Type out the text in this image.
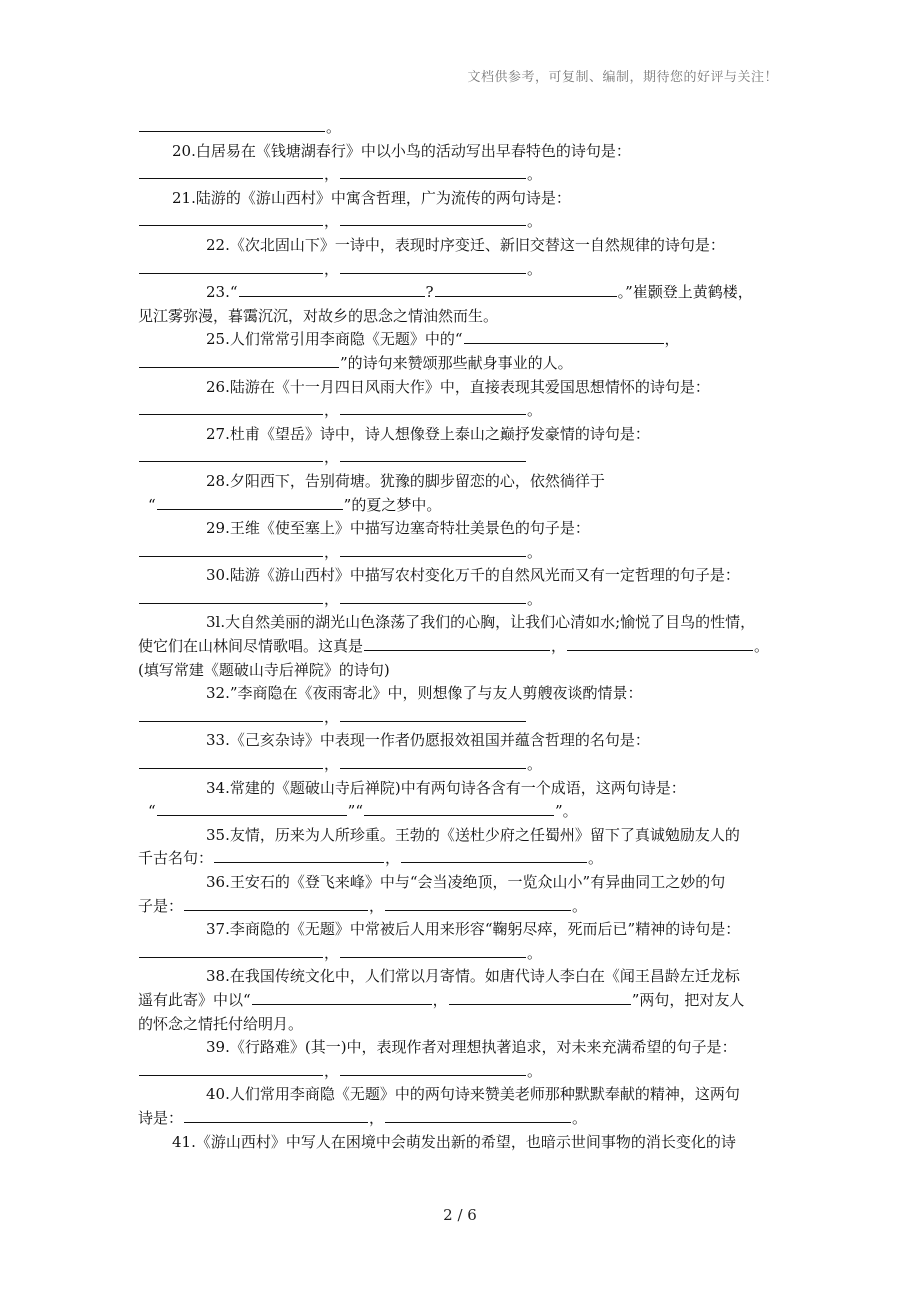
文档供参考，可复制、编制，期待您的好评与关注！

。

20.白居易在《钱塘湖春行》中以小鸟的活动写出早春特色的诗句是：

，	。

21.陆游的《游山西村》中寓含哲理，广为流传的两句诗是：

，	。

22.《次北固山下》一诗中，表现时序变迁、新旧交替这一自然规律的诗句是：

，	。

23.“	?	。”崔颢登上黄鹤楼，

见江雾弥漫，暮霭沉沉，对故乡的思念之情油然而生。

25.人们常常引用李商隐《无题》中的“	，

”的诗句来赞颂那些献身事业的人。

26.陆游在《十一月四日风雨大作》中，直接表现其爱国思想情怀的诗句是：

，	。

27.杜甫《望岳》诗中，诗人想像登上泰山之巅抒发豪情的诗句是：

，

28.夕阳西下，告别荷塘。犹豫的脚步留恋的心，依然徜徉于

“	”的夏之梦中。

29.王维《使至塞上》中描写边塞奇特壮美景色的句子是：

，	。

30.陆游《游山西村》中描写农村变化万千的自然风光而又有一定哲理的句子是：

，	。

3l.大自然美丽的湖光山色涤荡了我们的心胸，让我们心清如水;愉悦了目鸟的性情，

使它们在山林间尽情歌唱。这真是	，	。

(填写常建《题破山寺后禅院》的诗句)

32.”李商隐在《夜雨寄北》中，则想像了与友人剪艘夜谈酌情景：

，

33.《己亥杂诗》中表现一作者仍愿报效祖国并蕴含哲理的名句是：

，	。

34.常建的《题破山寺后禅院)中有两句诗各含有一个成语，这两句诗是：

“	”“	”。

35.友情，历来为人所珍重。王勃的《送杜少府之任蜀州》留下了真诚勉励友人的

千古名句：	，	。

36.王安石的《登飞来峰》中与“会当凌绝顶，一览众山小”有异曲同工之妙的句

子是：	，	。

37.李商隐的《无题》中常被后人用来形容“鞠躬尽瘁，死而后已”精神的诗句是：

，	。

38.在我国传统文化中，人们常以月寄情。如唐代诗人李白在《闻王昌龄左迁龙标

遥有此寄》中以“	，	”两句，把对友人

的怀念之情托付给明月。

39.《行路难》(其一)中，表现作者对理想执著追求，对未来充满希望的句子是：

，	。

40.人们常用李商隐《无题》中的两句诗来赞美老师那种默默奉献的精神，这两句

诗是：	，	。

41.《游山西村》中写人在困境中会萌发出新的希望，也暗示世间事物的消长变化的诗

2 / 6
